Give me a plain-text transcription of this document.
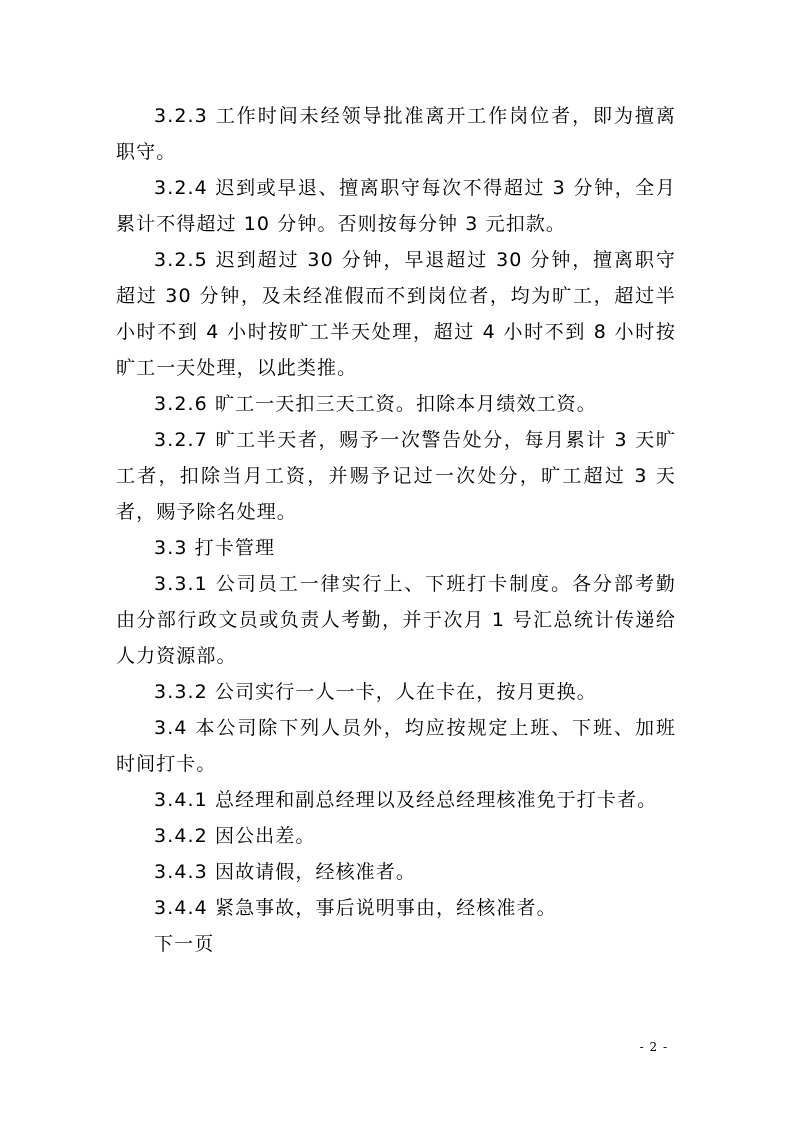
3.2.3 工作时间未经领导批准离开工作岗位者，即为擅离职守。

3.2.4 迟到或早退、擅离职守每次不得超过 3 分钟，全月累计不得超过 10 分钟。否则按每分钟 3 元扣款。

3.2.5 迟到超过 30 分钟，早退超过 30 分钟，擅离职守超过 30 分钟，及未经准假而不到岗位者，均为旷工，超过半小时不到 4 小时按旷工半天处理，超过 4 小时不到 8 小时按旷工一天处理，以此类推。

3.2.6 旷工一天扣三天工资。扣除本月绩效工资。

3.2.7 旷工半天者，赐予一次警告处分，每月累计 3 天旷工者，扣除当月工资，并赐予记过一次处分，旷工超过 3 天者，赐予除名处理。

3.3 打卡管理

3.3.1 公司员工一律实行上、下班打卡制度。各分部考勤由分部行政文员或负责人考勤，并于次月 1 号汇总统计传递给人力资源部。

3.3.2 公司实行一人一卡，人在卡在，按月更换。

3.4 本公司除下列人员外，均应按规定上班、下班、加班时间打卡。

3.4.1 总经理和副总经理以及经总经理核准免于打卡者。

3.4.2 因公出差。

3.4.3 因故请假，经核准者。

3.4.4 紧急事故，事后说明事由，经核准者。

下一页

- 2 -
